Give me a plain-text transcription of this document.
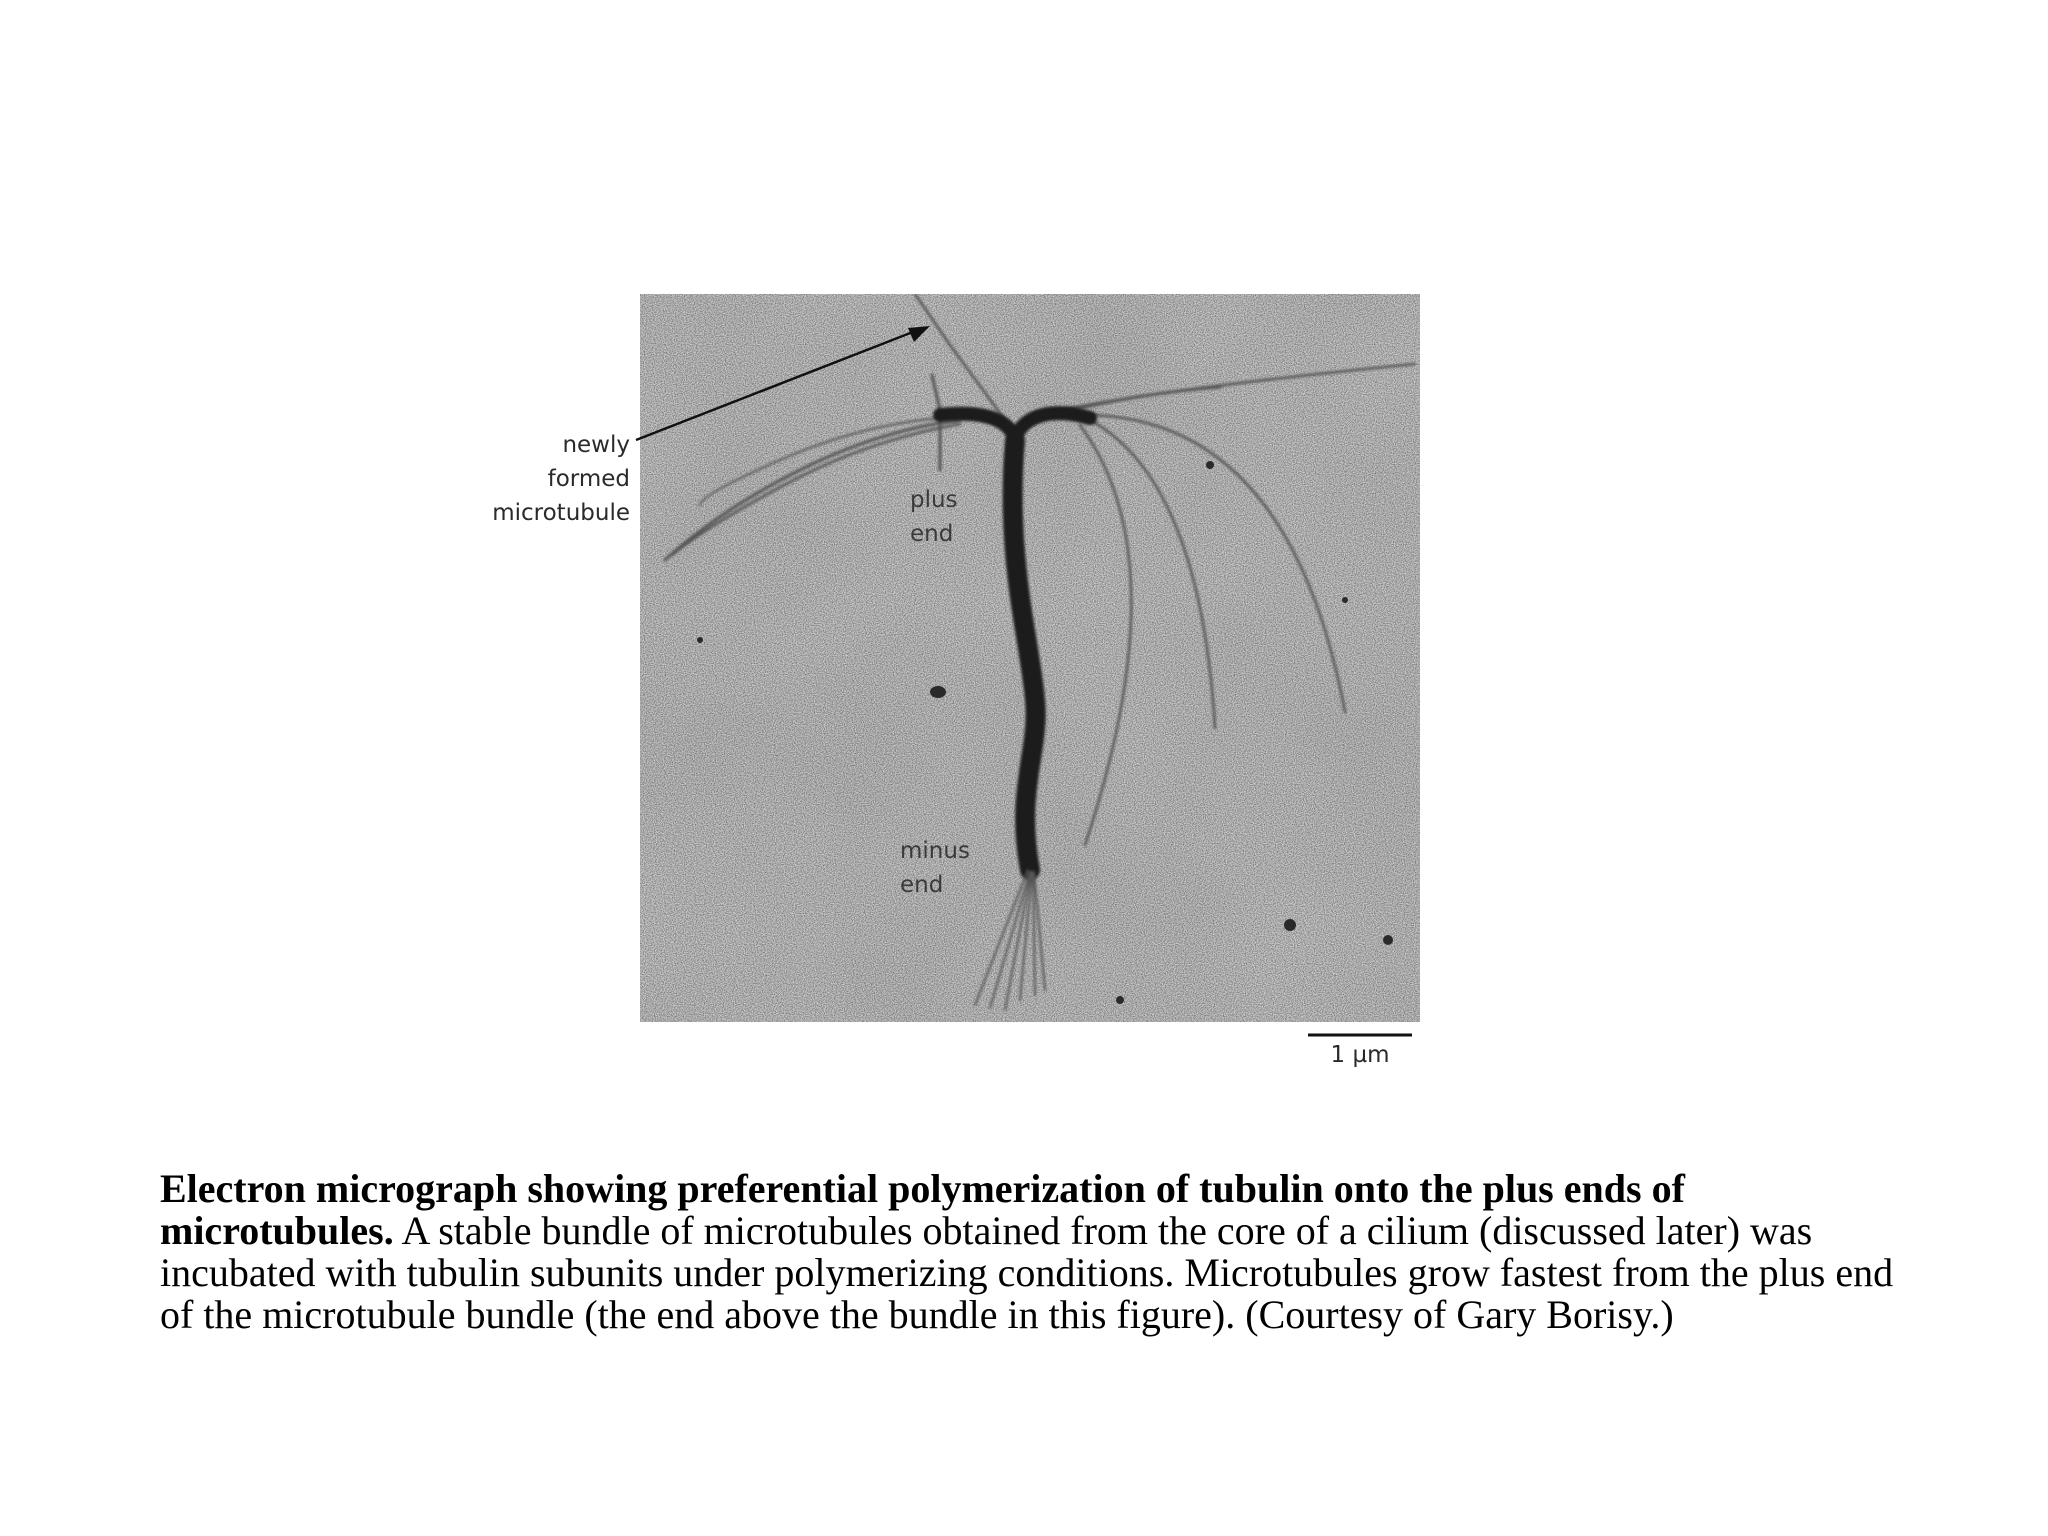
newly
formed
microtubule	plus
end
minus
end
1 µm
Electron micrograph showing preferential polymerization of tubulin onto the plus ends of microtubules. A stable bundle of microtubules obtained from the core of a cilium (discussed later) was incubated with tubulin subunits under polymerizing conditions. Microtubules grow fastest from the plus end of the microtubule bundle (the end above the bundle in this figure). (Courtesy of Gary Borisy.)
